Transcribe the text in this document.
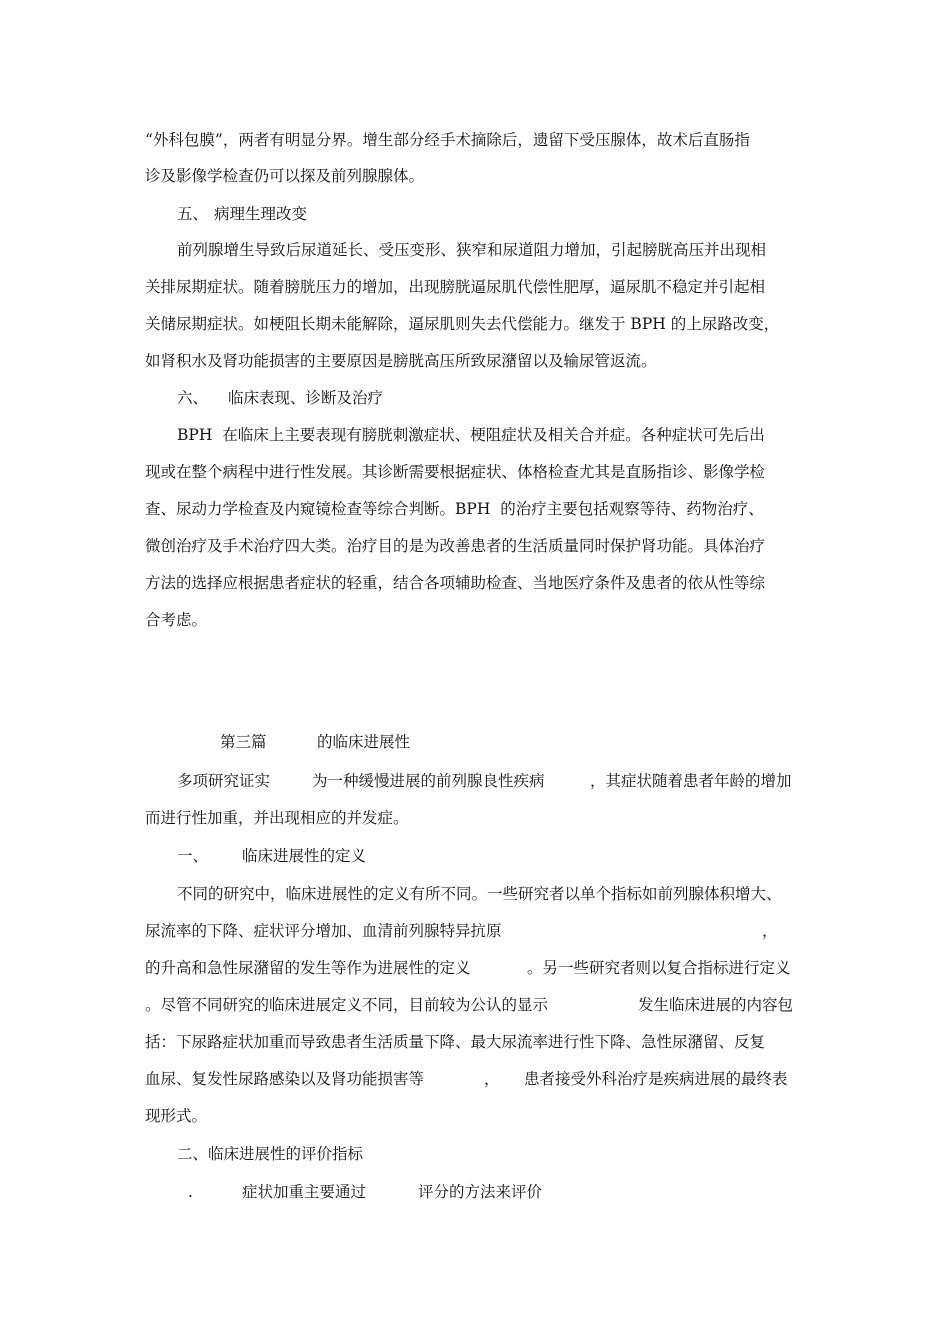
“外科包膜”，两者有明显分界。增生部分经手术摘除后，遗留下受压腺体，故术后直肠指
诊及影像学检查仍可以探及前列腺腺体。
五、 病理生理改变
前列腺增生导致后尿道延长、受压变形、狭窄和尿道阻力增加，引起膀胱高压并出现相
关排尿期症状。随着膀胱压力的增加，出现膀胱逼尿肌代偿性肥厚，逼尿肌不稳定并引起相
关储尿期症状。如梗阻长期未能解除，逼尿肌则失去代偿能力。继发于 BPH 的上尿路改变，
如肾积水及肾功能损害的主要原因是膀胱高压所致尿潴留以及输尿管返流。
六、 临床表现、诊断及治疗
BPH  在临床上主要表现有膀胱刺激症状、梗阻症状及相关合并症。各种症状可先后出
现或在整个病程中进行性发展。其诊断需要根据症状、体格检查尤其是直肠指诊、影像学检
查、尿动力学检查及内窥镜检查等综合判断。BPH  的治疗主要包括观察等待、药物治疗、
微创治疗及手术治疗四大类。治疗目的是为改善患者的生活质量同时保护肾功能。具体治疗
方法的选择应根据患者症状的轻重，结合各项辅助检查、当地医疗条件及患者的依从性等综
合考虑。
第三篇	的临床进展性
多项研究证实	为一种缓慢进展的前列腺良性疾病	，其症状随着患者年龄的增加
而进行性加重，并出现相应的并发症。
一、 临床进展性的定义
不同的研究中，临床进展性的定义有所不同。一些研究者以单个指标如前列腺体积增大、
尿流率的下降、症状评分增加、血清前列腺特异抗原	，
的升高和急性尿潴留的发生等作为进展性的定义	。另一些研究者则以复合指标进行定义
。尽管不同研究的临床进展定义不同，目前较为公认的显示	发生临床进展的内容包
括：下尿路症状加重而导致患者生活质量下降、最大尿流率进行性下降、急性尿潴留、反复
血尿、复发性尿路感染以及肾功能损害等	， 患者接受外科治疗是疾病进展的最终表
现形式。
二、临床进展性的评价指标
.	症状加重主要通过	评分的方法来评价
